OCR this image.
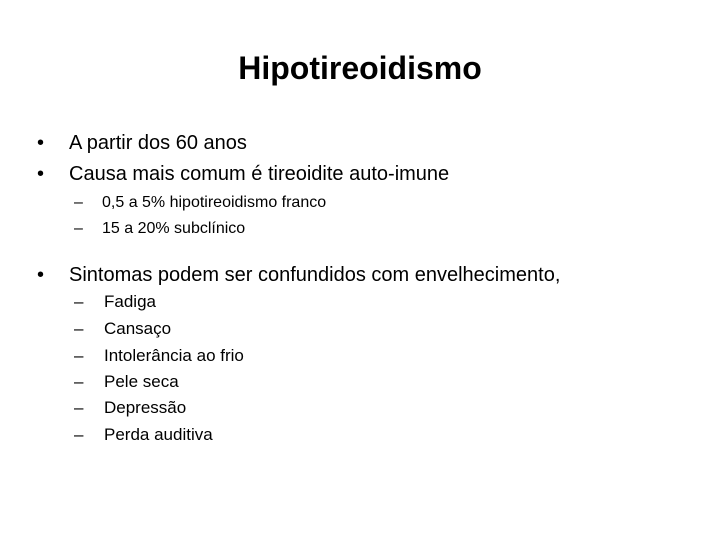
Hipotireoidismo
• A partir dos 60 anos
• Causa mais comum é tireoidite auto-imune
– 0,5 a 5% hipotireoidismo franco
– 15 a 20% subclínico
• Sintomas podem ser confundidos com envelhecimento,
– Fadiga
– Cansaço
– Intolerância ao frio
– Pele seca
– Depressão
– Perda auditiva
